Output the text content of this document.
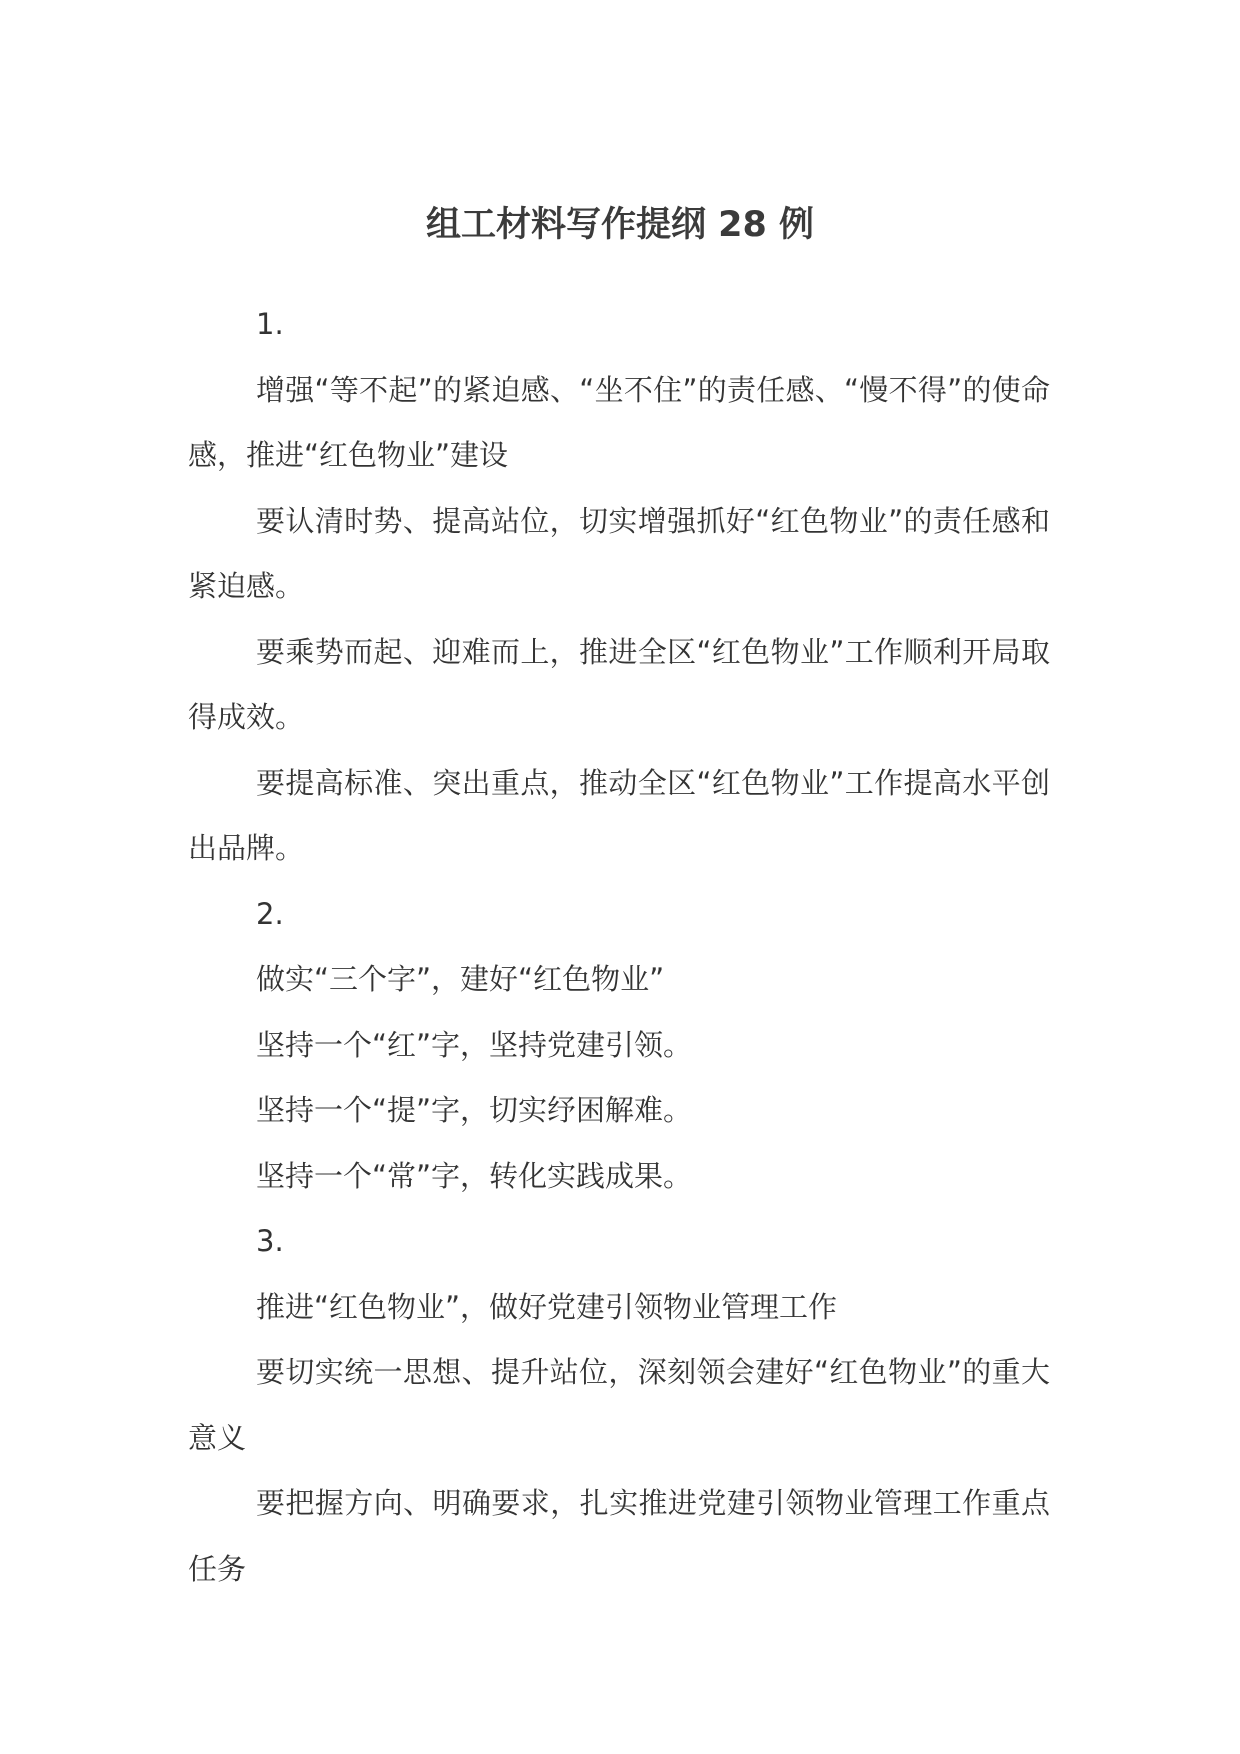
组工材料写作提纲 28 例

1.

增强“等不起”的紧迫感、“坐不住”的责任感、“慢不得”的使命感，推进“红色物业”建设

要认清时势、提高站位，切实增强抓好“红色物业”的责任感和紧迫感。

要乘势而起、迎难而上，推进全区“红色物业”工作顺利开局取得成效。

要提高标准、突出重点，推动全区“红色物业”工作提高水平创出品牌。

2.

做实“三个字”，建好“红色物业”

坚持一个“红”字，坚持党建引领。

坚持一个“提”字，切实纾困解难。

坚持一个“常”字，转化实践成果。

3.

推进“红色物业”，做好党建引领物业管理工作

要切实统一思想、提升站位，深刻领会建好“红色物业”的重大意义

要把握方向、明确要求，扎实推进党建引领物业管理工作重点任务
